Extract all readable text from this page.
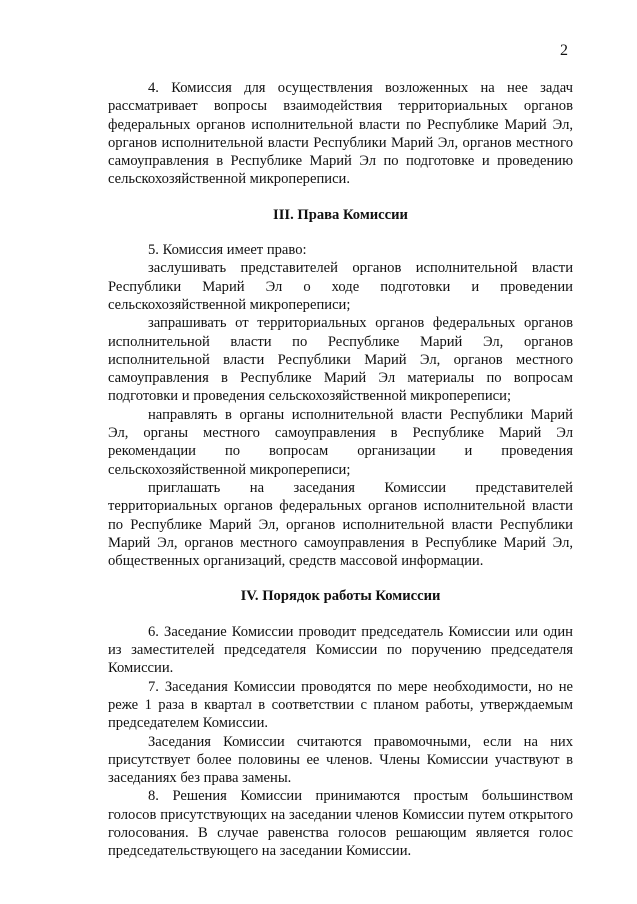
2

4. Комиссия для осуществления возложенных на нее задач рассматривает вопросы взаимодействия территориальных органов федеральных органов исполнительной власти по Республике Марий Эл, органов исполнительной власти Республики Марий Эл, органов местного самоуправления в Республике Марий Эл по подготовке и проведению сельскохозяйственной микропереписи.

III. Права Комиссии

5. Комиссия имеет право:

заслушивать представителей органов исполнительной власти Республики Марий Эл о ходе подготовки и проведении сельскохозяйственной микропереписи;

запрашивать от территориальных органов федеральных органов исполнительной власти по Республике Марий Эл, органов исполнительной власти Республики Марий Эл, органов местного самоуправления в Республике Марий Эл материалы по вопросам подготовки и проведения сельскохозяйственной микропереписи;

направлять в органы исполнительной власти Республики Марий Эл, органы местного самоуправления в Республике Марий Эл рекомендации по вопросам организации и проведения сельскохозяйственной микропереписи;

приглашать на заседания Комиссии представителей территориальных органов федеральных органов исполнительной власти по Республике Марий Эл, органов исполнительной власти Республики Марий Эл, органов местного самоуправления в Республике Марий Эл, общественных организаций, средств массовой информации.

IV. Порядок работы Комиссии

6. Заседание Комиссии проводит председатель Комиссии или один из заместителей председателя Комиссии по поручению председателя Комиссии.

7. Заседания Комиссии проводятся по мере необходимости, но не реже 1 раза в квартал в соответствии с планом работы, утверждаемым председателем Комиссии.

Заседания Комиссии считаются правомочными, если на них присутствует более половины ее членов. Члены Комиссии участвуют в заседаниях без права замены.

8. Решения Комиссии принимаются простым большинством голосов присутствующих на заседании членов Комиссии путем открытого голосования. В случае равенства голосов решающим является голос председательствующего на заседании Комиссии.
